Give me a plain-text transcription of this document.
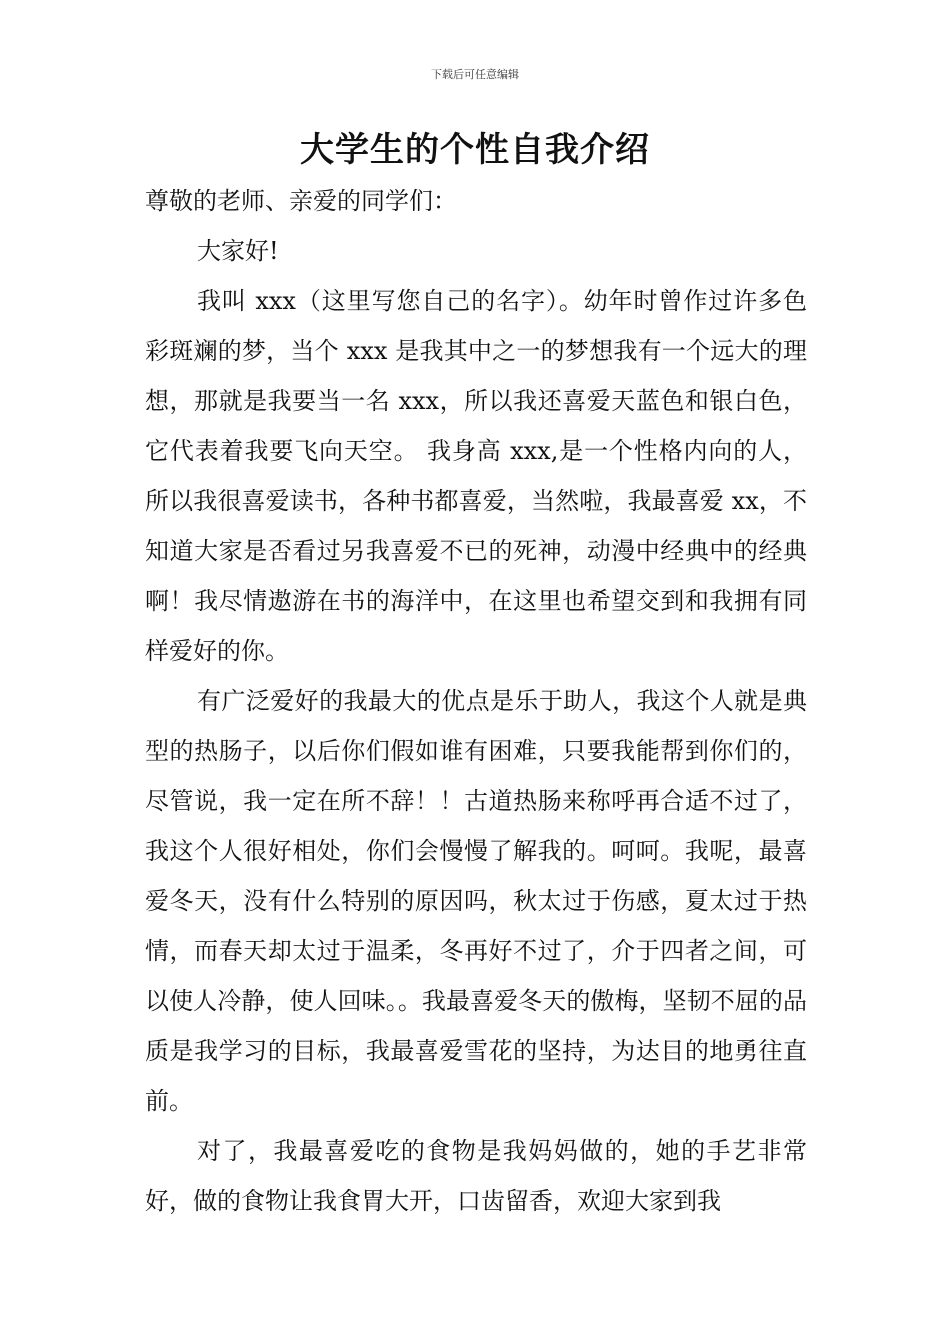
下载后可任意编辑
大学生的个性自我介绍

尊敬的老师、亲爱的同学们：

大家好!

我叫 xxx（这里写您自己的名字）。幼年时曾作过许多色彩斑斓的梦，当个 xxx 是我其中之一的梦想我有一个远大的理想，那就是我要当一名 xxx，所以我还喜爱天蓝色和银白色，它代表着我要飞向天空。 我身高 xxx,是一个性格内向的人，所以我很喜爱读书，各种书都喜爱，当然啦，我最喜爱 xx，不知道大家是否看过另我喜爱不已的死神，动漫中经典中的经典啊！我尽情遨游在书的海洋中，在这里也希望交到和我拥有同样爱好的你。

有广泛爱好的我最大的优点是乐于助人，我这个人就是典型的热肠子，以后你们假如谁有困难，只要我能帮到你们的，尽管说，我一定在所不辞！！古道热肠来称呼再合适不过了，我这个人很好相处，你们会慢慢了解我的。呵呵。我呢，最喜爱冬天，没有什么特别的原因吗，秋太过于伤感，夏太过于热情，而春天却太过于温柔，冬再好不过了，介于四者之间，可以使人冷静，使人回味。。我最喜爱冬天的傲梅，坚韧不屈的品质是我学习的目标，我最喜爱雪花的坚持，为达目的地勇往直前。

对了，我最喜爱吃的食物是我妈妈做的，她的手艺非常好，做的食物让我食胃大开，口齿留香，欢迎大家到我
